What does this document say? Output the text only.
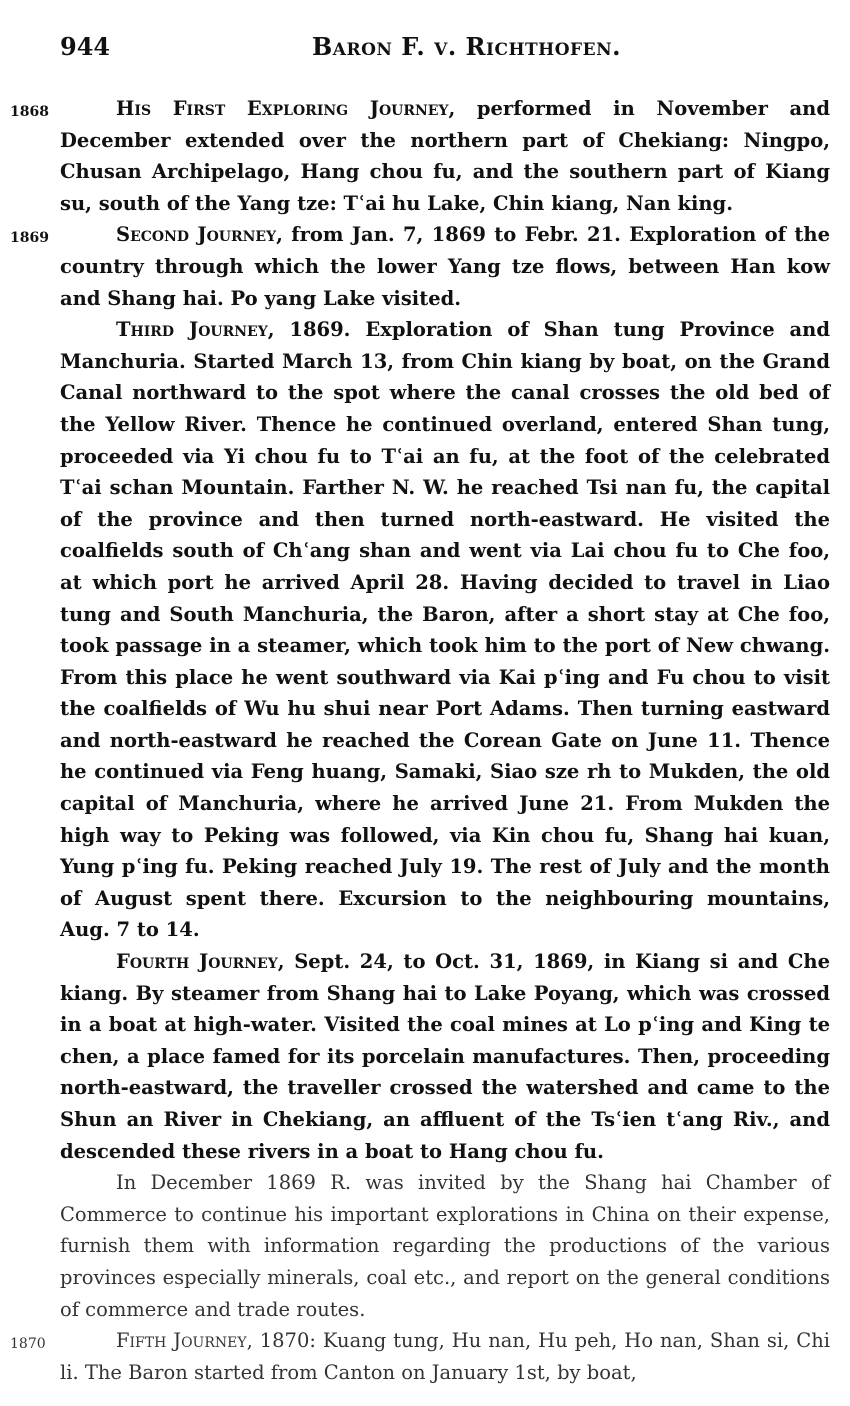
944	Baron F. v. Richthofen.

1868	His First Exploring Journey, performed in November and December extended over the northern part of Chekiang: Ningpo, Chusan Archipelago, Hang chou fu, and the southern part of Kiang su, south of the Yang tze: Tʿai hu Lake, Chin kiang, Nan king.

1869	Second Journey, from Jan. 7, 1869 to Febr. 21. Exploration of the country through which the lower Yang tze flows, between Han kow and Shang hai. Po yang Lake visited.

Third Journey, 1869. Exploration of Shan tung Province and Manchuria. Started March 13, from Chin kiang by boat, on the Grand Canal northward to the spot where the canal crosses the old bed of the Yellow River. Thence he continued overland, entered Shan tung, proceeded via Yi chou fu to Tʿai an fu, at the foot of the celebrated Tʿai schan Mountain. Farther N. W. he reached Tsi nan fu, the capital of the province and then turned north-eastward. He visited the coalfields south of Chʿang shan and went via Lai chou fu to Che foo, at which port he arrived April 28. Having decided to travel in Liao tung and South Manchuria, the Baron, after a short stay at Che foo, took passage in a steamer, which took him to the port of New chwang. From this place he went southward via Kai pʿing and Fu chou to visit the coalfields of Wu hu shui near Port Adams. Then turning eastward and north-eastward he reached the Corean Gate on June 11. Thence he continued via Feng huang, Samaki, Siao sze rh to Mukden, the old capital of Manchuria, where he arrived June 21. From Mukden the high way to Peking was followed, via Kin chou fu, Shang hai kuan, Yung pʿing fu. Peking reached July 19. The rest of July and the month of August spent there. Excursion to the neighbouring mountains, Aug. 7 to 14.

Fourth Journey, Sept. 24, to Oct. 31, 1869, in Kiang si and Che kiang. By steamer from Shang hai to Lake Poyang, which was crossed in a boat at high-water. Visited the coal mines at Lo pʿing and King te chen, a place famed for its porcelain manufactures. Then, proceeding north-eastward, the traveller crossed the watershed and came to the Shun an River in Chekiang, an affluent of the Tsʿien tʿang Riv., and descended these rivers in a boat to Hang chou fu.

In December 1869 R. was invited by the Shang hai Chamber of Commerce to continue his important explorations in China on their expense, furnish them with information regarding the productions of the various provinces especially minerals, coal etc., and report on the general conditions of commerce and trade routes.

1870	Fifth Journey, 1870: Kuang tung, Hu nan, Hu peh, Ho nan, Shan si, Chi li. The Baron started from Canton on January 1st, by boat,
